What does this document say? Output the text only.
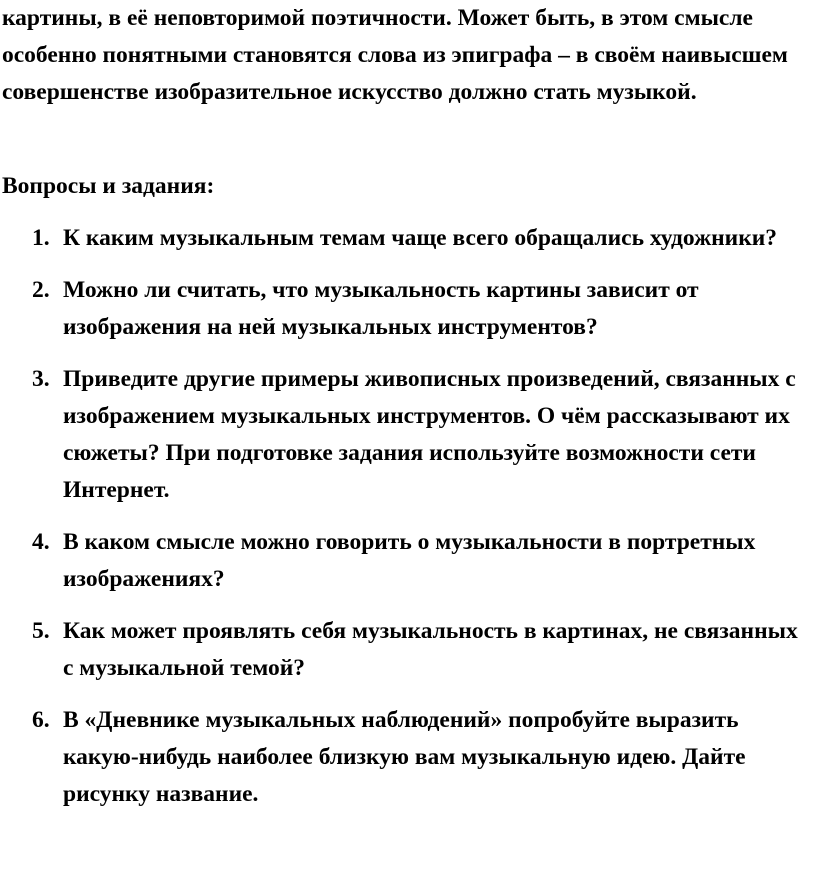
картины, в её неповторимой поэтичности. Может быть, в этом смысле особенно понятными становятся слова из эпиграфа – в своём наивысшем совершенстве изобразительное искусство должно стать музыкой.

Вопросы и задания:
1. К каким музыкальным темам чаще всего обращались художники?
2. Можно ли считать, что музыкальность картины зависит от изображения на ней музыкальных инструментов?
3. Приведите другие примеры живописных произведений, связанных с изображением музыкальных инструментов. О чём рассказывают их сюжеты? При подготовке задания используйте возможности сети Интернет.
4. В каком смысле можно говорить о музыкальности в портретных изображениях?
5. Как может проявлять себя музыкальность в картинах, не связанных с музыкальной темой?
6. В «Дневнике музыкальных наблюдений» попробуйте выразить какую-нибудь наиболее близкую вам музыкальную идею. Дайте рисунку название.
